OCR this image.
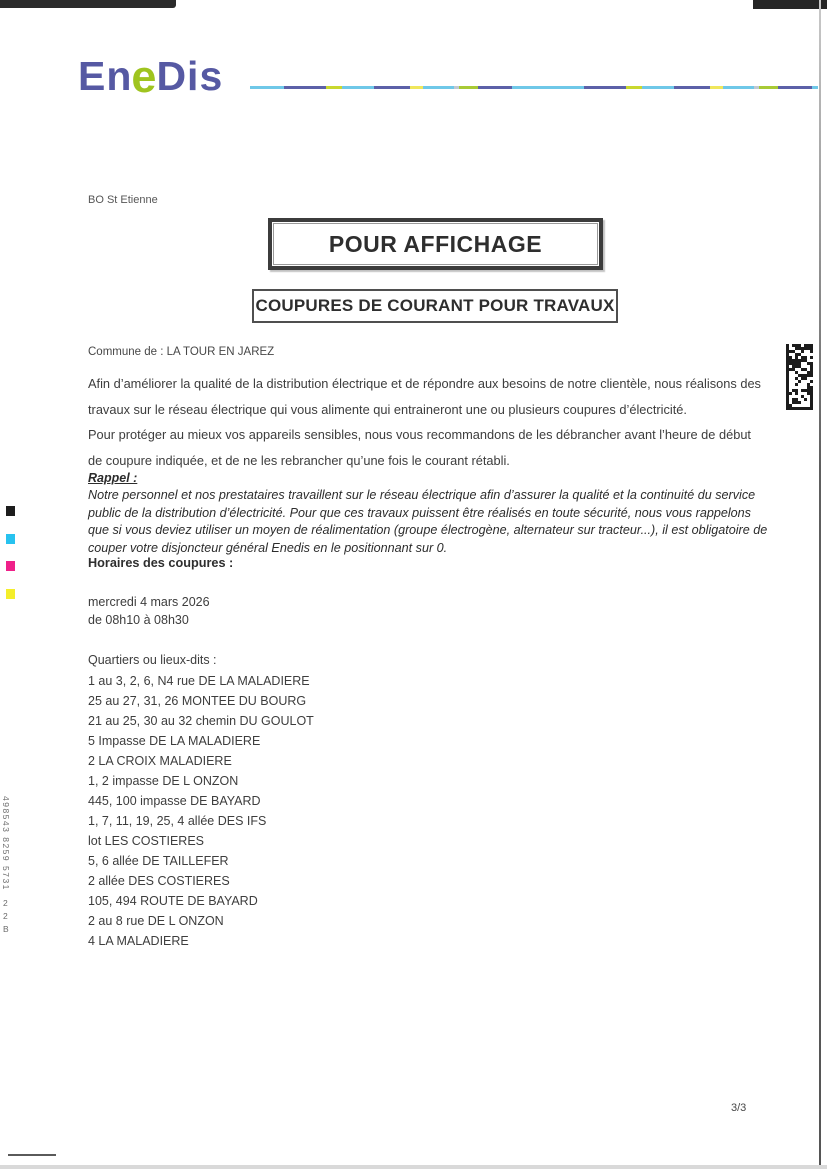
498543 8259 5731
2
2
B
En e Dis
BO St Etienne
POUR AFFICHAGE
COUPURES DE COURANT POUR TRAVAUX
Commune de : LA TOUR EN JAREZ
Afin d’améliorer la qualité de la distribution électrique et de répondre aux besoins de notre clientèle, nous réalisons des travaux sur le réseau électrique qui vous alimente qui entraineront une ou plusieurs coupures d’électricité.
Pour protéger au mieux vos appareils sensibles, nous vous recommandons de les débrancher avant l’heure de début de coupure indiquée, et de ne les rebrancher qu’une fois le courant rétabli.
Rappel :
Notre personnel et nos prestataires travaillent sur le réseau électrique afin d’assurer la qualité et la continuité du service public de la distribution d’électricité. Pour que ces travaux puissent être réalisés en toute sécurité, nous vous rappelons que si vous deviez utiliser un moyen de réalimentation (groupe électrogène, alternateur sur tracteur...), il est obligatoire de couper votre disjoncteur général Enedis en le positionnant sur 0.
Horaires des coupures :
mercredi 4 mars 2026
de 08h10 à 08h30
Quartiers ou lieux-dits :
1 au 3, 2, 6, N4 rue DE LA MALADIERE
25 au 27, 31, 26 MONTEE DU BOURG
21 au 25, 30 au 32 chemin DU GOULOT
5 Impasse DE LA MALADIERE
2 LA CROIX MALADIERE
1, 2 impasse DE L ONZON
445, 100 impasse DE BAYARD
1, 7, 11, 19, 25, 4 allée DES IFS
lot LES COSTIERES
5, 6 allée DE TAILLEFER
2 allée DES COSTIERES
105, 494 ROUTE DE BAYARD
2 au 8 rue DE L ONZON
4 LA MALADIERE
3/3
